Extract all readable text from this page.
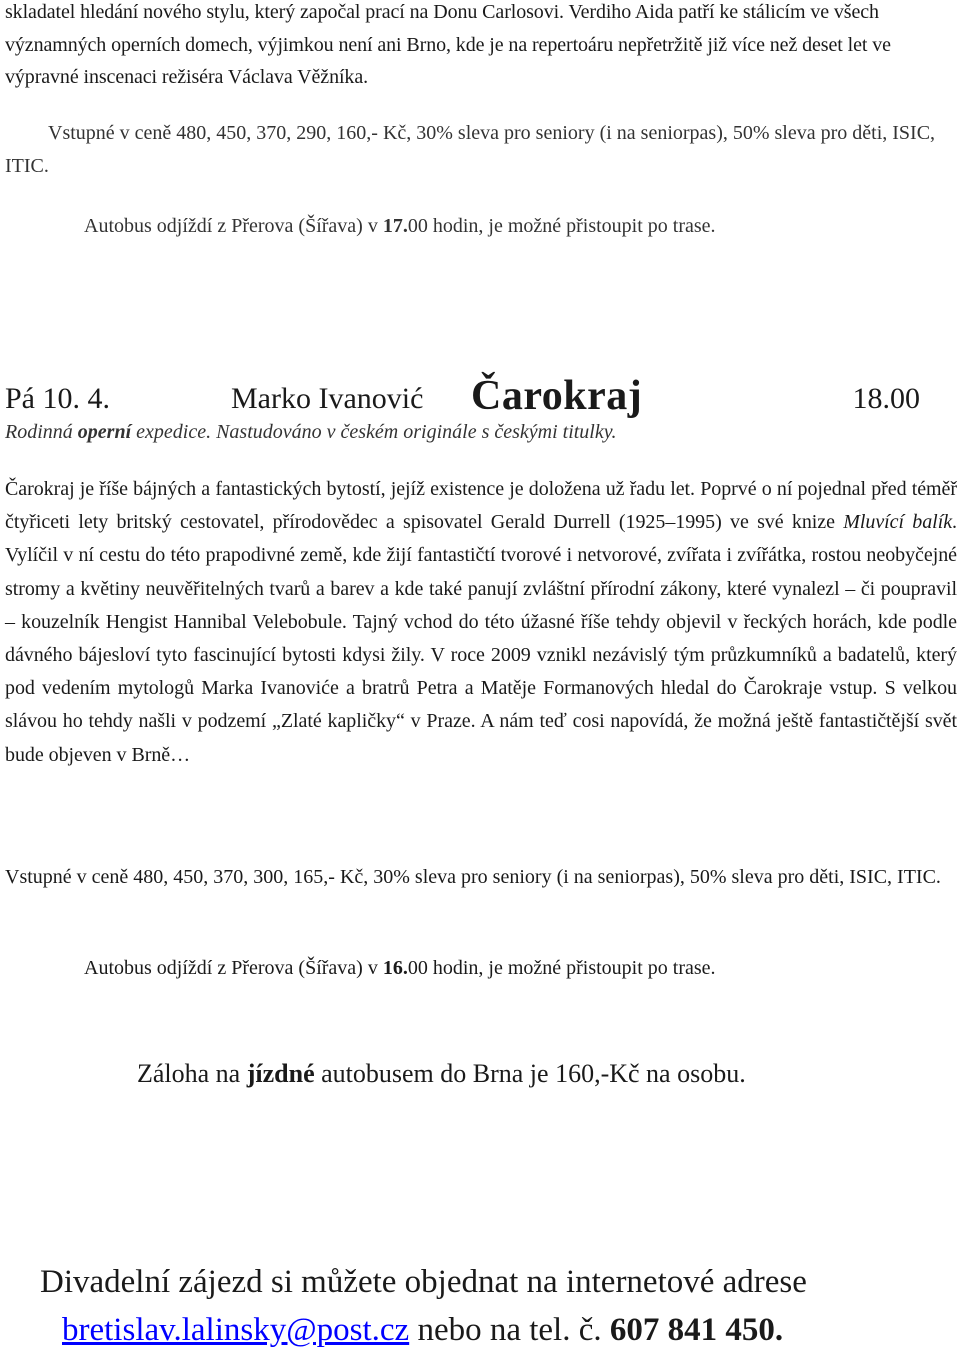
skladatel hledání nového stylu, který započal prací na Donu Carlosovi. Verdiho Aida patří ke stálicím ve všech významných operních domech, výjimkou není ani Brno, kde je na repertoáru nepřetržitě již více než deset let ve výpravné inscenaci režiséra Václava Věžníka.

Vstupné v ceně 480, 450, 370, 290, 160,- Kč, 30% sleva pro seniory (i na seniorpas), 50% sleva pro děti, ISIC, ITIC.

Autobus odjíždí z Přerova (Šířava) v 17.00 hodin, je možné přistoupit po trase.

Pá 10. 4.	Marko Ivanović Čarokraj	18.00
Rodinná operní expedice. Nastudováno v českém originále s českými titulky.

Čarokraj je říše bájných a fantastických bytostí, jejíž existence je doložena už řadu let. Poprvé o ní pojednal před téměř čtyřiceti lety britský cestovatel, přírodovědec a spisovatel Gerald Durrell (1925–1995) ve své knize Mluvící balík. Vylíčil v ní cestu do této prapodivné země, kde žijí fantastičtí tvorové i netvorové, zvířata i zvířátka, rostou neobyčejné stromy a květiny neuvěřitelných tvarů a barev a kde také panují zvláštní přírodní zákony, které vynalezl – či poupravil – kouzelník Hengist Hannibal Velebobule. Tajný vchod do této úžasné říše tehdy objevil v řeckých horách, kde podle dávného bájesloví tyto fascinující bytosti kdysi žily. V roce 2009 vznikl nezávislý tým průzkumníků a badatelů, který pod vedením mytologů Marka Ivanoviće a bratrů Petra a Matěje Formanových hledal do Čarokraje vstup. S velkou slávou ho tehdy našli v podzemí „Zlaté kapličky“ v Praze. A nám teď cosi napovídá, že možná ještě fantastičtější svět bude objeven v Brně…

Vstupné v ceně 480, 450, 370, 300, 165,- Kč, 30% sleva pro seniory (i na seniorpas), 50% sleva pro děti, ISIC, ITIC.

Autobus odjíždí z Přerova (Šířava) v 16.00 hodin, je možné přistoupit po trase.

Záloha na jízdné autobusem do Brna je 160,-Kč na osobu.

Divadelní zájezd si můžete objednat na internetové adrese

bretislav.lalinsky@post.cz nebo na tel. č. 607 841 450.
